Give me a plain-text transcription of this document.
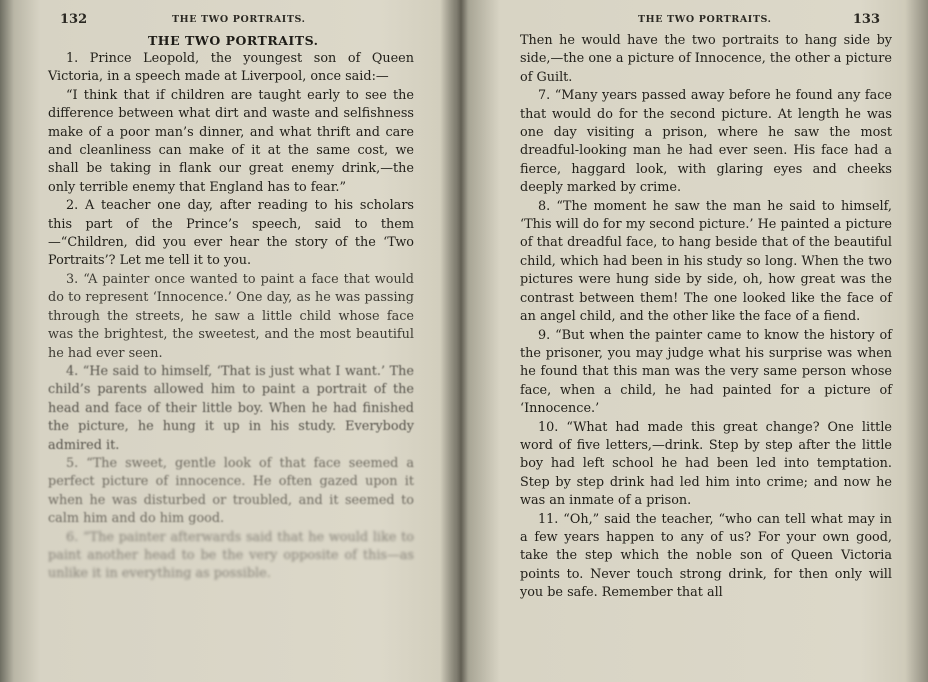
132	THE TWO PORTRAITS.
THE TWO PORTRAITS.

1. Prince Leopold, the youngest son of Queen Victoria, in a speech made at Liverpool, once said:—

“I think that if children are taught early to see the difference between what dirt and waste and selfishness make of a poor man’s dinner, and what thrift and care and cleanliness can make of it at the same cost, we shall be taking in flank our great enemy drink,—the only terrible enemy that England has to fear.”

2. A teacher one day, after reading to his scholars this part of the Prince’s speech, said to them—“Children, did you ever hear the story of the ‘Two Portraits’? Let me tell it to you.

3. “A painter once wanted to paint a face that would do to represent ‘Innocence.’ One day, as he was passing through the streets, he saw a little child whose face was the brightest, the sweetest, and the most beautiful he had ever seen.

4. “He said to himself, ‘That is just what I want.’ The child’s parents allowed him to paint a portrait of the head and face of their little boy. When he had finished the picture, he hung it up in his study. Everybody admired it.

5. “The sweet, gentle look of that face seemed a perfect picture of innocence. He often gazed upon it when he was disturbed or troubled, and it seemed to calm him and do him good.

6. “The painter afterwards said that he would like to paint another head to be the very opposite of this—as unlike it in everything as possible.

THE TWO PORTRAITS.	133

Then he would have the two portraits to hang side by side,—the one a picture of Innocence, the other a picture of Guilt.

7. “Many years passed away before he found any face that would do for the second picture. At length he was one day visiting a prison, where he saw the most dreadful-looking man he had ever seen. His face had a fierce, haggard look, with glaring eyes and cheeks deeply marked by crime.

8. “The moment he saw the man he said to himself, ‘This will do for my second picture.’ He painted a picture of that dreadful face, to hang beside that of the beautiful child, which had been in his study so long. When the two pictures were hung side by side, oh, how great was the contrast between them! The one looked like the face of an angel child, and the other like the face of a fiend.

9. “But when the painter came to know the history of the prisoner, you may judge what his surprise was when he found that this man was the very same person whose face, when a child, he had painted for a picture of ‘Innocence.’

10. “What had made this great change? One little word of five letters,—drink. Step by step after the little boy had left school he had been led into temptation. Step by step drink had led him into crime; and now he was an inmate of a prison.

11. “Oh,” said the teacher, “who can tell what may in a few years happen to any of us? For your own good, take the step which the noble son of Queen Victoria points to. Never touch strong drink, for then only will you be safe. Remember that all
